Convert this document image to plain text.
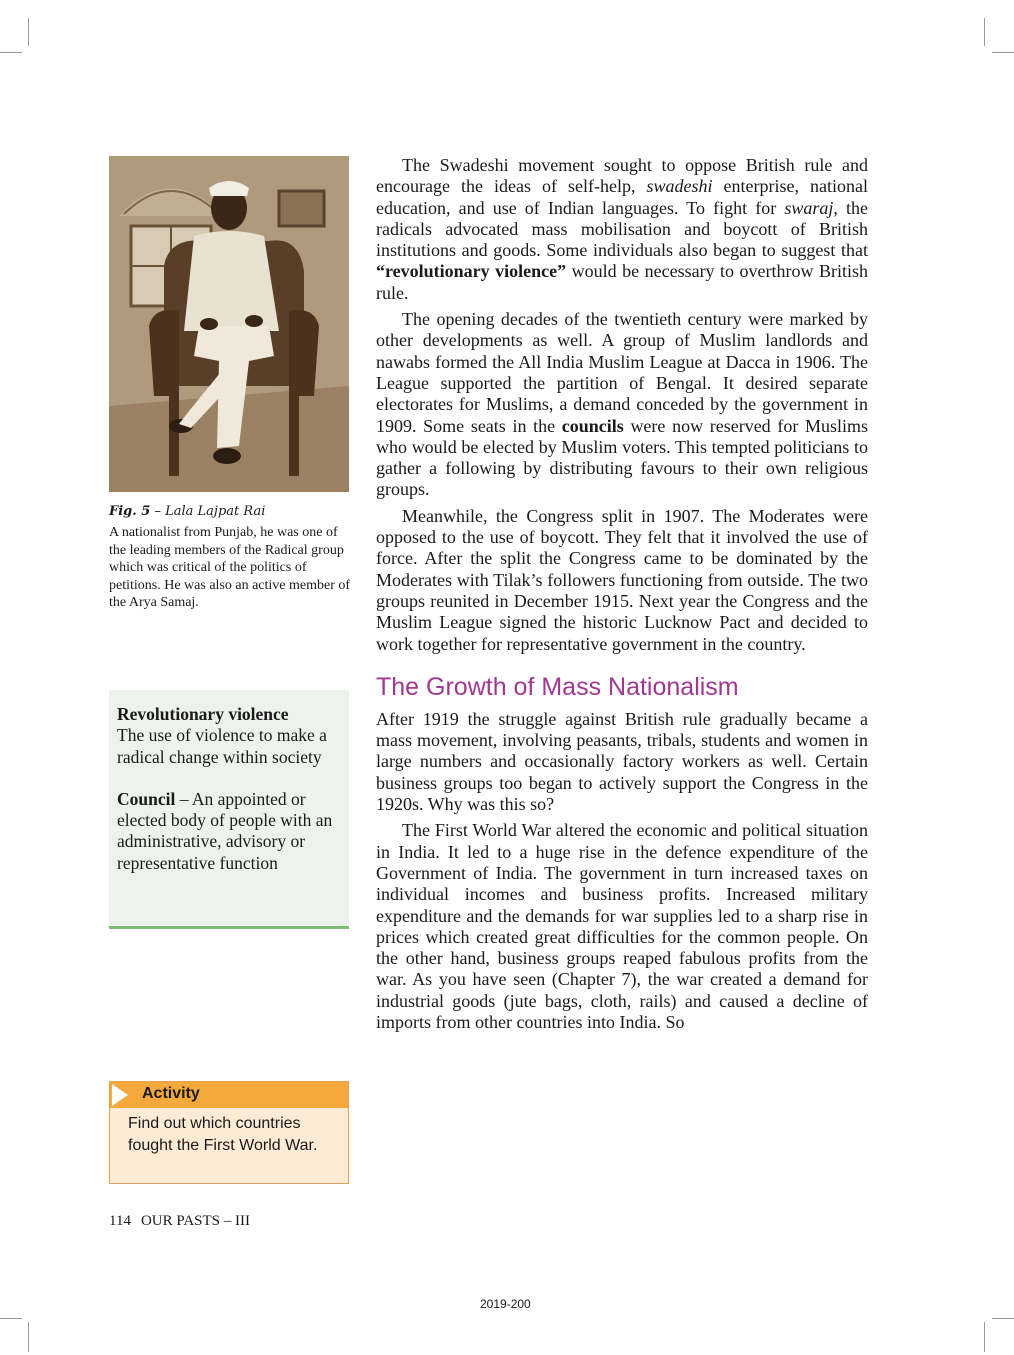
Fig. 5 – Lala Lajpat Rai
A nationalist from Punjab, he was one of the leading members of the Radical group which was critical of the politics of petitions. He was also an active member of the Arya Samaj.

Revolutionary violence
The use of violence to make a radical change within society

Council – An appointed or elected body of people with an administrative, advisory or representative function

Activity
Find out which countries fought the First World War.

The Swadeshi movement sought to oppose British rule and encourage the ideas of self-help, swadeshi enterprise, national education, and use of Indian languages. To fight for swaraj, the radicals advocated mass mobilisation and boycott of British institutions and goods. Some individuals also began to suggest that “revolutionary violence” would be necessary to overthrow British rule.

The opening decades of the twentieth century were marked by other developments as well. A group of Muslim landlords and nawabs formed the All India Muslim League at Dacca in 1906. The League supported the partition of Bengal. It desired separate electorates for Muslims, a demand conceded by the government in 1909. Some seats in the councils were now reserved for Muslims who would be elected by Muslim voters. This tempted politicians to gather a following by distributing favours to their own religious groups.

Meanwhile, the Congress split in 1907. The Moderates were opposed to the use of boycott. They felt that it involved the use of force. After the split the Congress came to be dominated by the Moderates with Tilak’s followers functioning from outside. The two groups reunited in December 1915. Next year the Congress and the Muslim League signed the historic Lucknow Pact and decided to work together for representative government in the country.

The Growth of Mass Nationalism

After 1919 the struggle against British rule gradually became a mass movement, involving peasants, tribals, students and women in large numbers and occasionally factory workers as well. Certain business groups too began to actively support the Congress in the 1920s. Why was this so?

The First World War altered the economic and political situation in India. It led to a huge rise in the defence expenditure of the Government of India. The government in turn increased taxes on individual incomes and business profits. Increased military expenditure and the demands for war supplies led to a sharp rise in prices which created great difficulties for the common people. On the other hand, business groups reaped fabulous profits from the war. As you have seen (Chapter 7), the war created a demand for industrial goods (jute bags, cloth, rails) and caused a decline of imports from other countries into India. So

114 OUR PASTS – III
2019-200
